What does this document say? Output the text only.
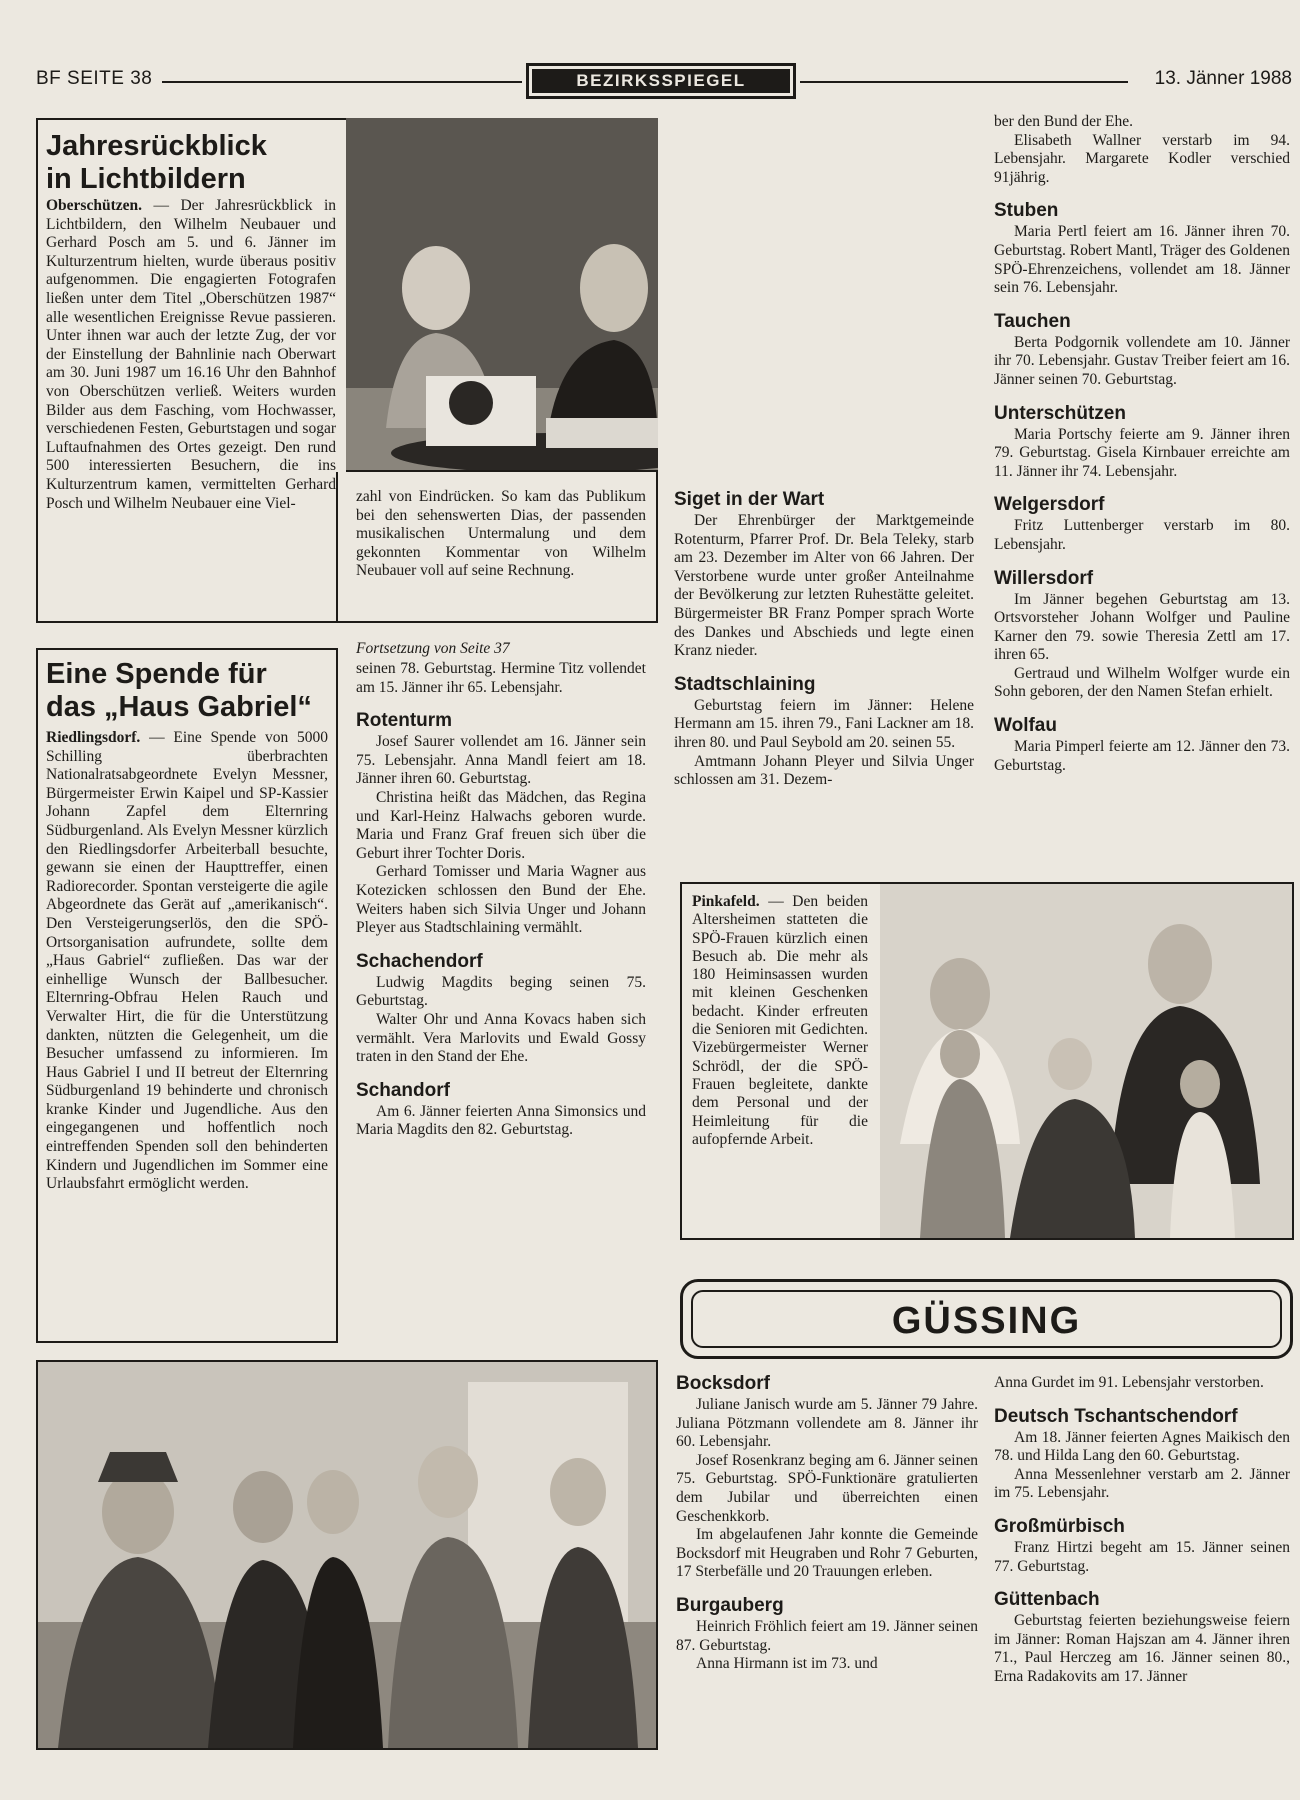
BF SEITE 38	BEZIRKSSPIEGEL	13. Jänner 1988
Jahresrückblick
in Lichtbildern

Oberschützen. — Der Jahresrückblick in Lichtbildern, den Wilhelm Neubauer und Gerhard Posch am 5. und 6. Jänner im Kulturzentrum hielten, wurde überaus positiv aufgenommen. Die engagierten Fotografen ließen unter dem Titel „Oberschützen 1987“ alle wesentlichen Ereignisse Revue passieren. Unter ihnen war auch der letzte Zug, der vor der Einstellung der Bahnlinie nach Oberwart am 30. Juni 1987 um 16.16 Uhr den Bahnhof von Oberschützen verließ. Weiters wurden Bilder aus dem Fasching, vom Hochwasser, verschiedenen Festen, Geburtstagen und sogar Luftaufnahmen des Ortes gezeigt. Den rund 500 interessierten Besuchern, die ins Kulturzentrum kamen, vermittelten Gerhard Posch und Wilhelm Neubauer eine Viel-	zahl von Eindrücken. So kam das Publikum bei den sehenswerten Dias, der passenden musikalischen Untermalung und dem gekonnten Kommentar von Wilhelm Neubauer voll auf seine Rechnung.

Eine Spende für
das „Haus Gabriel“

Riedlingsdorf. — Eine Spende von 5000 Schilling überbrachten Nationalratsabgeordnete Evelyn Messner, Bürgermeister Erwin Kaipel und SP-Kassier Johann Zapfel dem Elternring Südburgenland. Als Evelyn Messner kürzlich den Riedlingsdorfer Arbeiterball besuchte, gewann sie einen der Haupttreffer, einen Radiorecorder. Spontan versteigerte die agile Abgeordnete das Gerät auf „amerikanisch“. Den Versteigerungserlös, den die SPÖ-Ortsorganisation aufrundete, sollte dem „Haus Gabriel“ zufließen. Das war der einhellige Wunsch der Ballbesucher. Elternring-Obfrau Helen Rauch und Verwalter Hirt, die für die Unterstützung dankten, nützten die Gelegenheit, um die Besucher umfassend zu informieren. Im Haus Gabriel I und II betreut der Elternring Südburgenland 19 behinderte und chronisch kranke Kinder und Jugendliche. Aus den eingegangenen und hoffentlich noch eintreffenden Spenden soll den behinderten Kindern und Jugendlichen im Sommer eine Urlaubsfahrt ermöglicht werden.

Fortsetzung von Seite 37

seinen 78. Geburtstag. Hermine Titz vollendet am 15. Jänner ihr 65. Lebensjahr.

Rotenturm

Josef Saurer vollendet am 16. Jänner sein 75. Lebensjahr. Anna Mandl feiert am 18. Jänner ihren 60. Geburtstag.

Christina heißt das Mädchen, das Regina und Karl-Heinz Halwachs geboren wurde. Maria und Franz Graf freuen sich über die Geburt ihrer Tochter Doris.

Gerhard Tomisser und Maria Wagner aus Kotezicken schlossen den Bund der Ehe. Weiters haben sich Silvia Unger und Johann Pleyer aus Stadtschlaining vermählt.

Schachendorf

Ludwig Magdits beging seinen 75. Geburtstag.

Walter Ohr und Anna Kovacs haben sich vermählt. Vera Marlovits und Ewald Gossy traten in den Stand der Ehe.

Schandorf

Am 6. Jänner feierten Anna Simonsics und Maria Magdits den 82. Geburtstag.

Siget in der Wart

Der Ehrenbürger der Marktgemeinde Rotenturm, Pfarrer Prof. Dr. Bela Teleky, starb am 23. Dezember im Alter von 66 Jahren. Der Verstorbene wurde unter großer Anteilnahme der Bevölkerung zur letzten Ruhestätte geleitet. Bürgermeister BR Franz Pomper sprach Worte des Dankes und Abschieds und legte einen Kranz nieder.

Stadtschlaining

Geburtstag feiern im Jänner: Helene Hermann am 15. ihren 79., Fani Lackner am 18. ihren 80. und Paul Seybold am 20. seinen 55.

Amtmann Johann Pleyer und Silvia Unger schlossen am 31. Dezem-

ber den Bund der Ehe.

Elisabeth Wallner verstarb im 94. Lebensjahr. Margarete Kodler verschied 91jährig.

Stuben

Maria Pertl feiert am 16. Jänner ihren 70. Geburtstag. Robert Mantl, Träger des Goldenen SPÖ-Ehrenzeichens, vollendet am 18. Jänner sein 76. Lebensjahr.

Tauchen

Berta Podgornik vollendete am 10. Jänner ihr 70. Lebensjahr. Gustav Treiber feiert am 16. Jänner seinen 70. Geburtstag.

Unterschützen

Maria Portschy feierte am 9. Jänner ihren 79. Geburtstag. Gisela Kirnbauer erreichte am 11. Jänner ihr 74. Lebensjahr.

Welgersdorf

Fritz Luttenberger verstarb im 80. Lebensjahr.

Willersdorf

Im Jänner begehen Geburtstag am 13. Ortsvorsteher Johann Wolfger und Pauline Karner den 79. sowie Theresia Zettl am 17. ihren 65.

Gertraud und Wilhelm Wolfger wurde ein Sohn geboren, der den Namen Stefan erhielt.

Wolfau

Maria Pimperl feierte am 12. Jänner den 73. Geburtstag.

Pinkafeld. — Den beiden Altersheimen statteten die SPÖ-Frauen kürzlich einen Besuch ab. Die mehr als 180 Heiminsassen wurden mit kleinen Geschenken bedacht. Kinder erfreuten die Senioren mit Gedichten. Vizebürgermeister Werner Schrödl, der die SPÖ-Frauen begleitete, dankte dem Personal und der Heimleitung für die aufopfernde Arbeit.
GÜSSING
Bocksdorf

Juliane Janisch wurde am 5. Jänner 79 Jahre. Juliana Pötzmann vollendete am 8. Jänner ihr 60. Lebensjahr.

Josef Rosenkranz beging am 6. Jänner seinen 75. Geburtstag. SPÖ-Funktionäre gratulierten dem Jubilar und überreichten einen Geschenkkorb.

Im abgelaufenen Jahr konnte die Gemeinde Bocksdorf mit Heugraben und Rohr 7 Geburten, 17 Sterbefälle und 20 Trauungen erleben.

Burgauberg

Heinrich Fröhlich feiert am 19. Jänner seinen 87. Geburtstag.

Anna Hirmann ist im 73. und

Anna Gurdet im 91. Lebensjahr verstorben.

Deutsch Tschantschendorf

Am 18. Jänner feierten Agnes Maikisch den 78. und Hilda Lang den 60. Geburtstag.

Anna Messenlehner verstarb am 2. Jänner im 75. Lebensjahr.

Großmürbisch

Franz Hirtzi begeht am 15. Jänner seinen 77. Geburtstag.

Güttenbach

Geburtstag feierten beziehungsweise feiern im Jänner: Roman Hajszan am 4. Jänner ihren 71., Paul Herczeg am 16. Jänner seinen 80., Erna Radakovits am 17. Jänner
